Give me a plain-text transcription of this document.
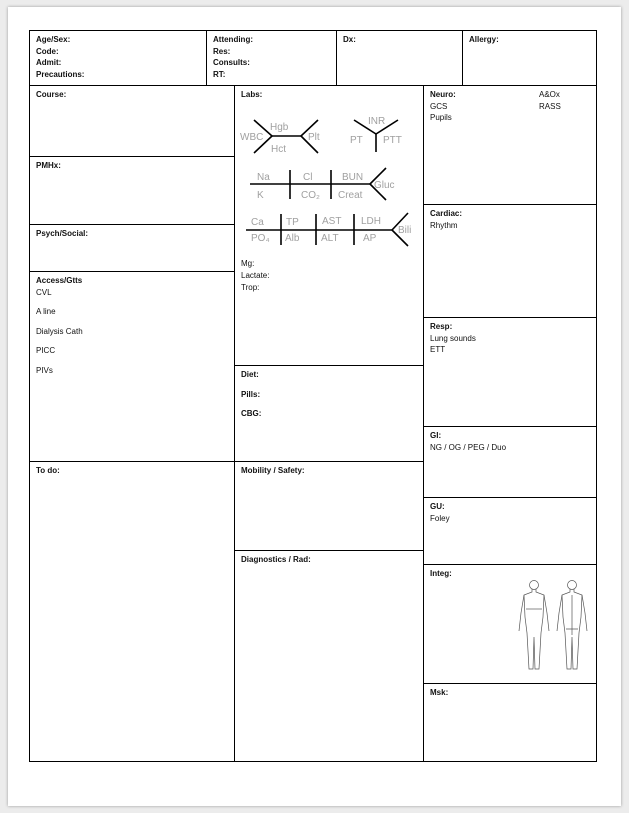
Age/Sex:
Code:
Admit:
Precautions:
Attending:
Res:
Consults:
RT:
Dx:	Allergy:
Course:
PMHx:
Psych/Social:
Access/Gtts
CVL
A line
Dialysis Cath
PICC
PIVs
To do:
Labs:
Mg:
Lactate:
Trop:
Hgb
WBC	Plt
Hct
INR
PT PTT
Na	Cl	BUN
K	CO₂ Creat
Gluc
Ca TP AST LDH
PO₄ Alb ALT AP
Bili
Diet:
Pills:
CBG:
Mobility / Safety:
Diagnostics / Rad:
Neuro:
GCS
Pupils
A&Ox
RASS
Cardiac:
Rhythm
Resp:
Lung sounds
ETT
GI:
NG / OG / PEG / Duo
GU:
Foley
Integ:
Msk:
